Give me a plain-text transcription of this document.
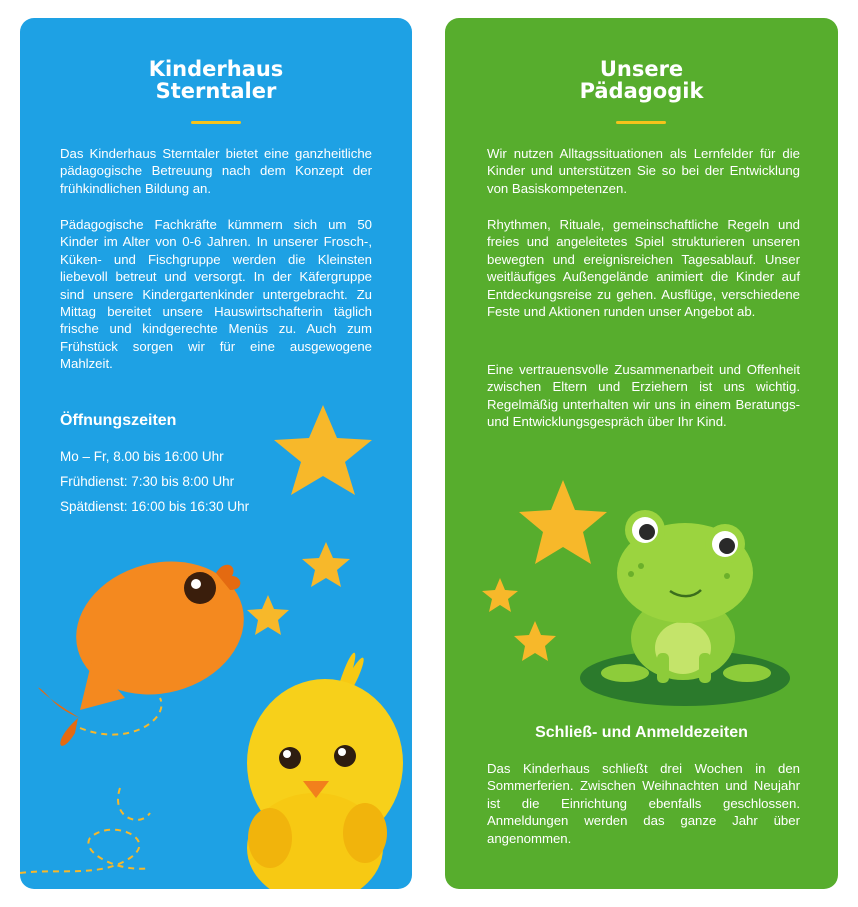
Kinderhaus
Sterntaler
Das Kinderhaus Sterntaler bietet eine ganzheitliche pädagogische Betreuung nach dem Konzept der frühkindlichen Bildung an.
Pädagogische Fachkräfte kümmern sich um 50 Kinder im Alter von 0-6 Jahren. In unserer Frosch-, Küken- und Fischgruppe werden die Kleinsten liebevoll betreut und versorgt. In der Käfergruppe sind unsere Kindergartenkinder untergebracht. Zu Mittag bereitet unsere Hauswirtschafterin täglich frische und kindgerechte Menüs zu. Auch zum Frühstück sorgen wir für eine ausgewogene Mahlzeit.
Öffnungszeiten
Mo – Fr, 8.00 bis 16:00 Uhr
Frühdienst: 7:30 bis 8:00 Uhr
Spätdienst: 16:00 bis 16:30 Uhr
Unsere
Pädagogik
Wir nutzen Alltagssituationen als Lernfelder für die Kinder und unterstützen Sie so bei der Entwicklung von Basiskompetenzen.
Rhythmen, Rituale, gemeinschaftliche Regeln und freies und angeleitetes Spiel strukturieren unseren bewegten und ereignisreichen Tagesablauf. Unser weitläufiges Außengelände animiert die Kinder auf Entdeckungsreise zu gehen. Ausflüge, verschiedene Feste und Aktionen runden unser Angebot ab.
Eine vertrauensvolle Zusammenarbeit und Offenheit zwischen Eltern und Erziehern ist uns wichtig. Regelmäßig unterhalten wir uns in einem Beratungs- und Entwicklungsgespräch über Ihr Kind.
Schließ- und Anmeldezeiten
Das Kinderhaus schließt drei Wochen in den Sommerferien. Zwischen Weihnachten und Neujahr ist die Einrichtung ebenfalls geschlossen. Anmeldungen werden das ganze Jahr über angenommen.
